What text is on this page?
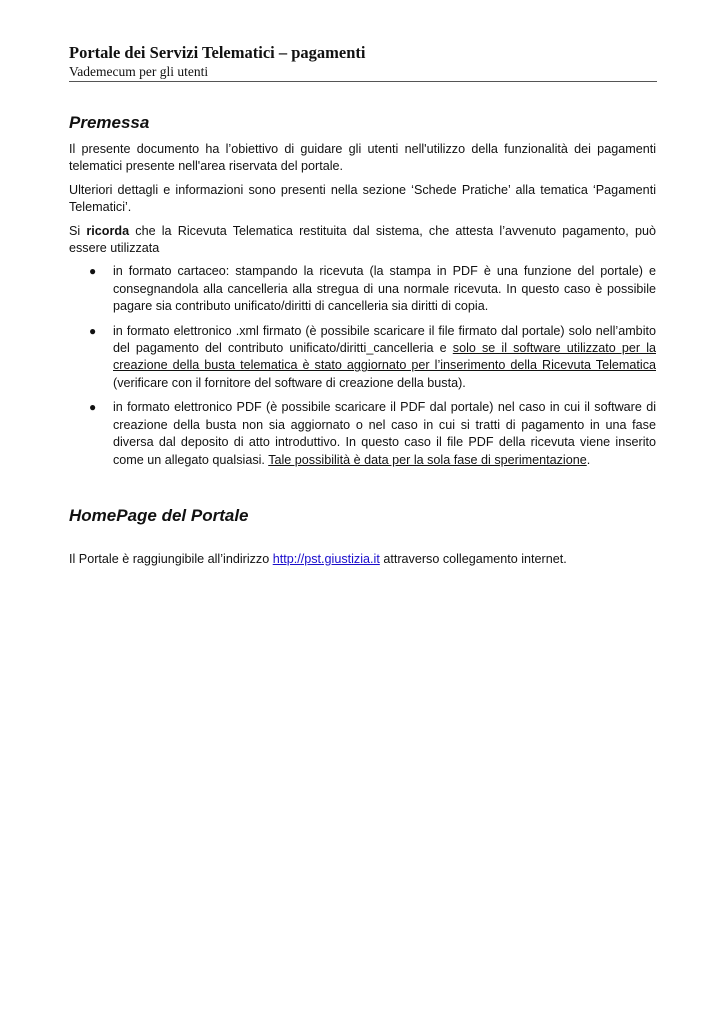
Portale dei Servizi Telematici – pagamenti
Vademecum per gli utenti
Premessa

Il presente documento ha l’obiettivo di guidare gli utenti nell'utilizzo della funzionalità dei pagamenti telematici presente nell'area riservata del portale.

Ulteriori dettagli e informazioni sono presenti nella sezione ‘Schede Pratiche’ alla tematica ‘Pagamenti Telematici’.

Si ricorda che la Ricevuta Telematica restituita dal sistema, che attesta l’avvenuto pagamento, può essere utilizzata

● in formato cartaceo: stampando la ricevuta (la stampa in PDF è una funzione del portale) e consegnandola alla cancelleria alla stregua di una normale ricevuta. In questo caso è possibile pagare sia contributo unificato/diritti di cancelleria sia diritti di copia.
● in formato elettronico .xml firmato (è possibile scaricare il file firmato dal portale) solo nell’ambito del pagamento del contributo unificato/diritti_cancelleria e solo se il software utilizzato per la creazione della busta telematica è stato aggiornato per l’inserimento della Ricevuta Telematica (verificare con il fornitore del software di creazione della busta).
● in formato elettronico PDF (è possibile scaricare il PDF dal portale) nel caso in cui il software di creazione della busta non sia aggiornato o nel caso in cui si tratti di pagamento in una fase diversa dal deposito di atto introduttivo. In questo caso il file PDF della ricevuta viene inserito come un allegato qualsiasi. Tale possibilità è data per la sola fase di sperimentazione.
HomePage del Portale

Il Portale è raggiungibile all’indirizzo http://pst.giustizia.it attraverso collegamento internet.
